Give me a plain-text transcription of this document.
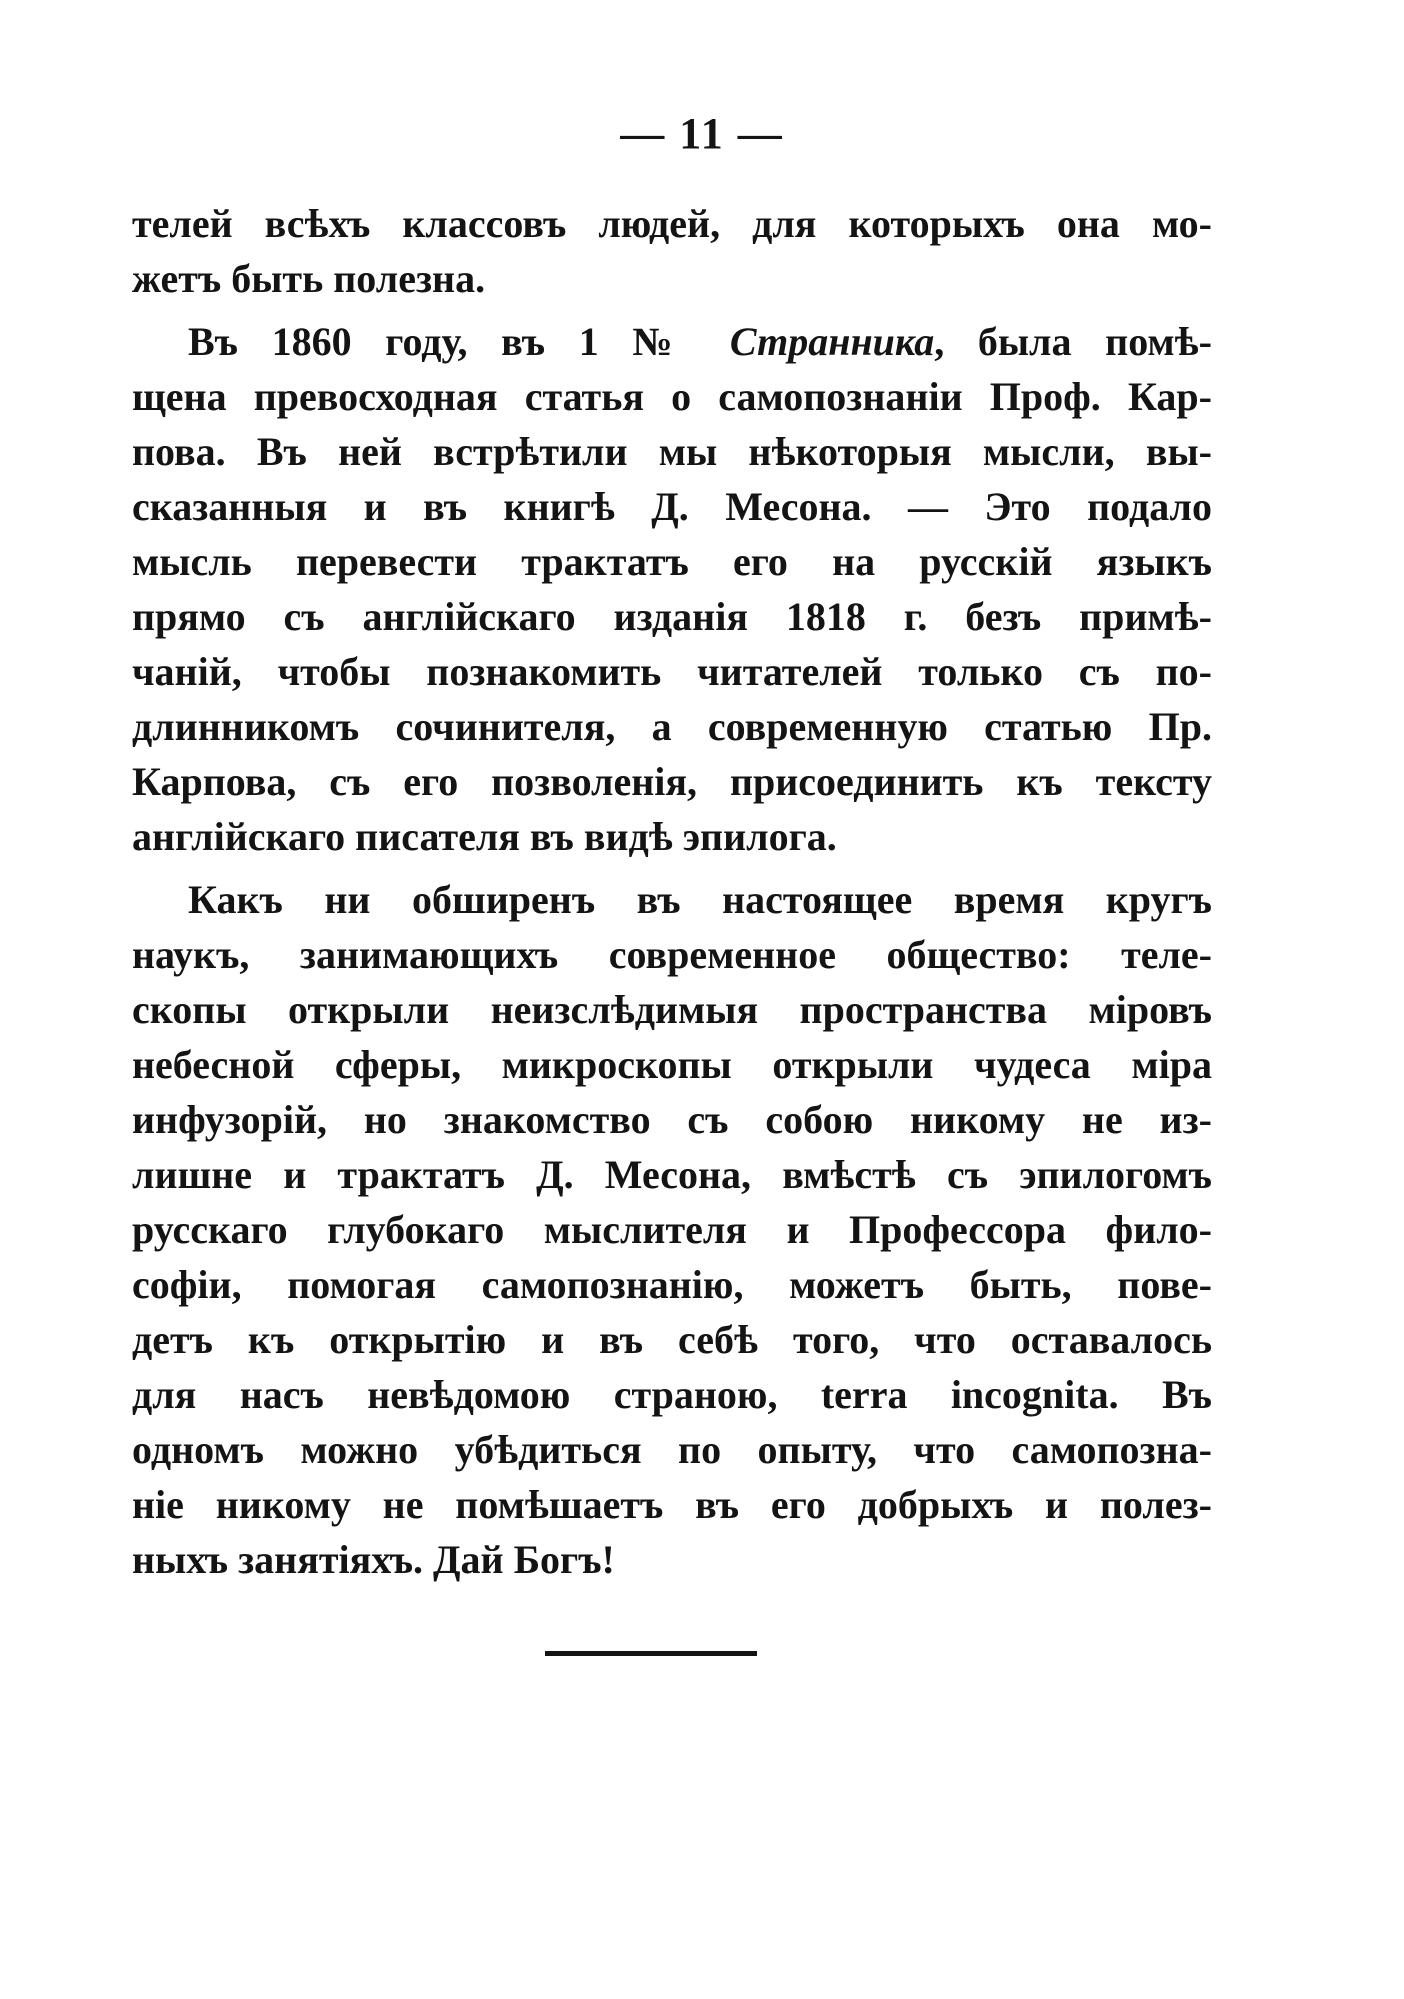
— 11 —
телей всѣхъ классовъ людей, для которыхъ она мо-
жетъ быть полезна.
Въ 1860 году, въ 1 № Странника, была помѣ-
щена превосходная статья о самопознаніи Проф. Кар-
пова. Въ ней встрѣтили мы нѣкоторыя мысли, вы-
сказанныя и въ книгѣ Д. Месона. — Это подало
мысль перевести трактатъ его на русскій языкъ
прямо съ англійскаго изданія 1818 г. безъ примѣ-
чаній, чтобы познакомить читателей только съ по-
длинникомъ сочинителя, а современную статью Пр.
Карпова, съ его позволенія, присоединить къ тексту
англійскаго писателя въ видѣ эпилога.
Какъ ни обширенъ въ настоящее время кругъ
наукъ, занимающихъ современное общество: теле-
скопы открыли неизслѣдимыя пространства міровъ
небесной сферы, микроскопы открыли чудеса міра
инфузорій, но знакомство съ собою никому не из-
лишне и трактатъ Д. Месона, вмѣстѣ съ эпилогомъ
русскаго глубокаго мыслителя и Профессора фило-
софіи, помогая самопознанію, можетъ быть, пове-
детъ къ открытію и въ себѣ того, что оставалось
для насъ невѣдомою страною, terra incognita. Въ
одномъ можно убѣдиться по опыту, что самопозна-
ніе никому не помѣшаетъ въ его добрыхъ и полез-
ныхъ занятіяхъ. Дай Богъ!
